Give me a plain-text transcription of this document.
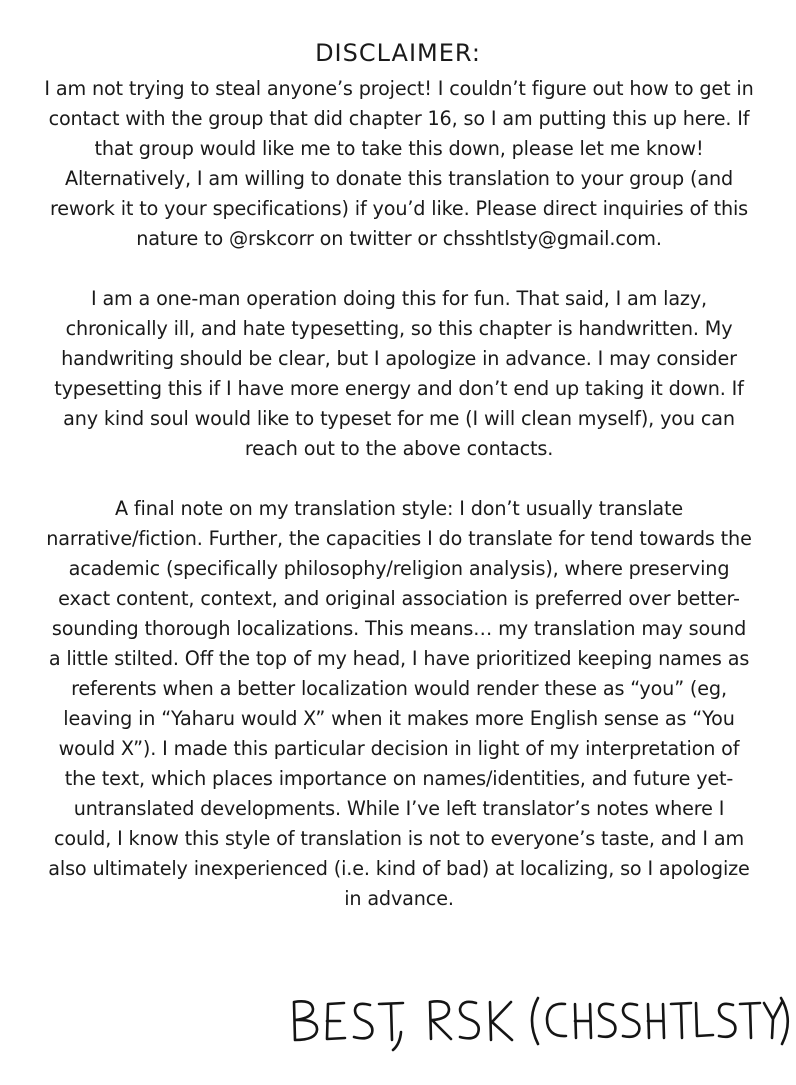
DISCLAIMER:

I am not trying to steal anyone’s project! I couldn’t figure out how to get in contact with the group that did chapter 16, so I am putting this up here. If that group would like me to take this down, please let me know! Alternatively, I am willing to donate this translation to your group (and rework it to your specifications) if you’d like. Please direct inquiries of this nature to @rskcorr on twitter or chsshtlsty@gmail.com.

I am a one-man operation doing this for fun. That said, I am lazy, chronically ill, and hate typesetting, so this chapter is handwritten. My handwriting should be clear, but I apologize in advance. I may consider typesetting this if I have more energy and don’t end up taking it down. If any kind soul would like to typeset for me (I will clean myself), you can reach out to the above contacts.

A final note on my translation style: I don’t usually translate narrative/fiction. Further, the capacities I do translate for tend towards the academic (specifically philosophy/religion analysis), where preserving exact content, context, and original association is preferred over better-sounding thorough localizations. This means… my translation may sound a little stilted. Off the top of my head, I have prioritized keeping names as referents when a better localization would render these as “you” (eg, leaving in “Yaharu would X” when it makes more English sense as “You would X”). I made this particular decision in light of my interpretation of the text, which places importance on names/identities, and future yet-untranslated developments. While I’ve left translator’s notes where I could, I know this style of translation is not to everyone’s taste, and I am also ultimately inexperienced (i.e. kind of bad) at localizing, so I apologize in advance.
